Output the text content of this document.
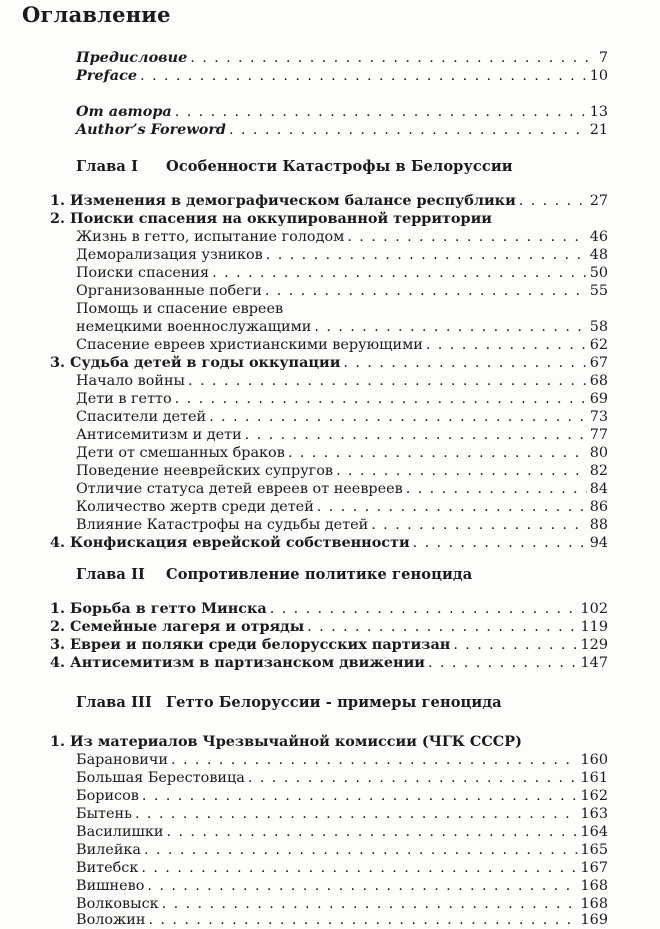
Оглавление
Предисловие . . .	7
Preface . . .	10
От автора . . .	13
Author’s Foreword . . .	21
Глава I Особенности Катастрофы в Белоруссии
1. Изменения в демографическом балансе республики . . .	27
2. Поиски спасения на оккупированной территории
Жизнь в гетто, испытание голодом . . .	46
Деморализация узников . . .	48
Поиски спасения . . .	50
Организованные побеги . . .	55
Помощь и спасение евреев
немецкими военнослужащими . . .	58
Спасение евреев христианскими верующими . . .	62
3. Судьба детей в годы оккупации . . .	67
Начало войны . . .	68
Дети в гетто . . .	69
Спасители детей . . .	73
Антисемитизм и дети . . .	77
Дети от смешанных браков . . .	80
Поведение нееврейских супругов . . .	82
Отличие статуса детей евреев от неевреев . . .	84
Количество жертв среди детей . . .	86
Влияние Катастрофы на судьбы детей . . .	88
4. Конфискация еврейской собственности . . .	94
Глава II Сопротивление политике геноцида
1. Борьба в гетто Минска . . .	102
2. Семейные лагеря и отряды . . .	119
3. Евреи и поляки среди белорусских партизан . . .	129
4. Антисемитизм в партизанском движении . . .	147
Глава III Гетто Белоруссии - примеры геноцида
1. Из материалов Чрезвычайной комиссии (ЧГК СССР)
Барановичи . . .	160
Большая Берестовица . . .	161
Борисов . . .	162
Бытень . . .	163
Василишки . . .	164
Вилейка . . .	165
Витебск . . .	167
Вишнево . . .	168
Волковыск . . .	168
Воложин . . .	169
